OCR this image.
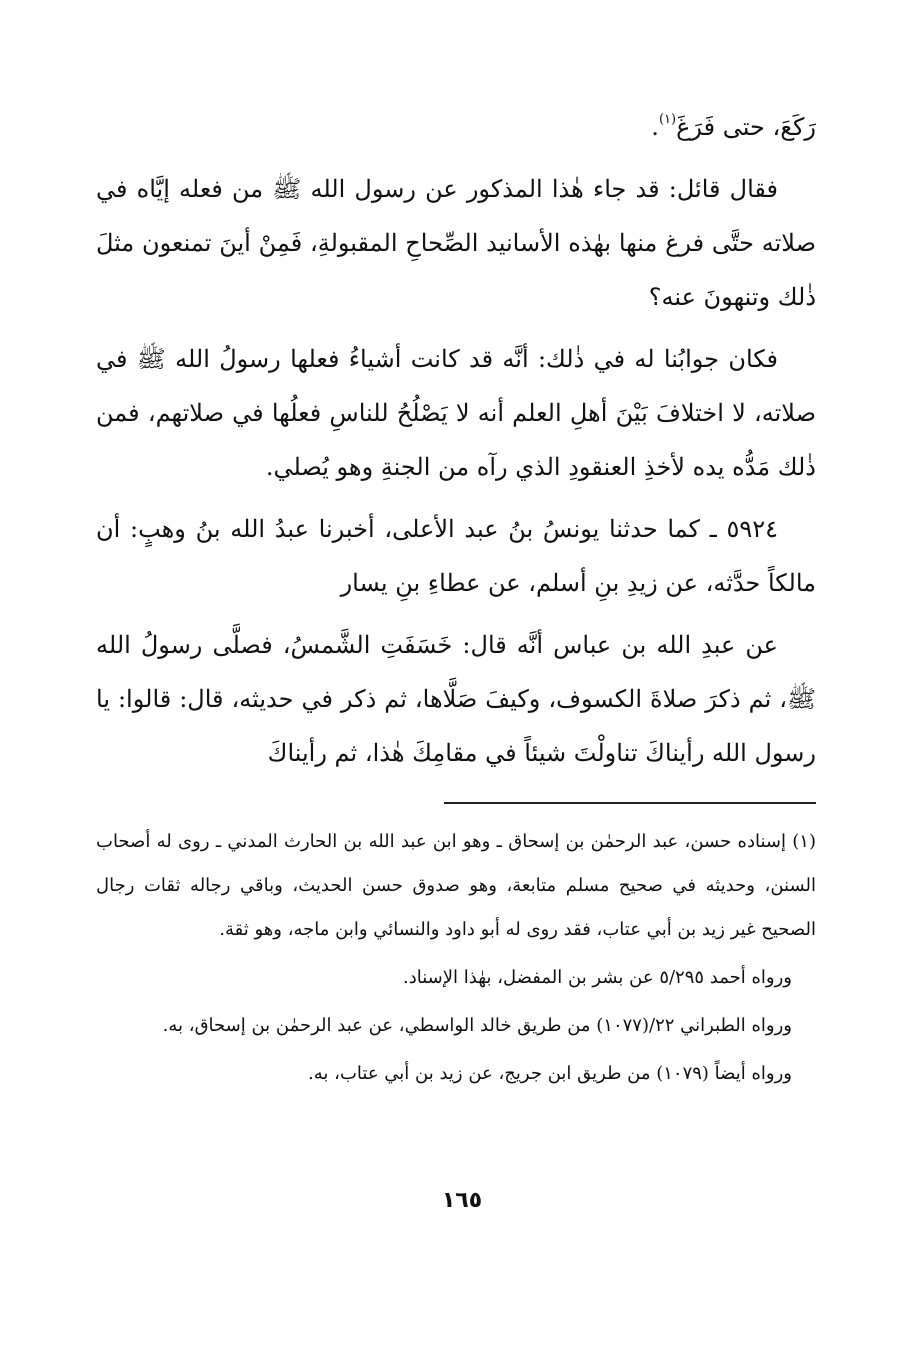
رَكَعَ، حتى فَرَغَ$^{(١)}$.

فقال قائل: قد جاء هٰذا المذكور عن رسول الله ﷺ من فعله إيَّاه في صلاته حتَّى فرغ منها بهٰذه الأسانيد الصِّحاحِ المقبولةِ، فَمِنْ أينَ تمنعون مثلَ ذٰلك وتنهونَ عنه؟

فكان جوابُنا له في ذٰلك: أنَّه قد كانت أشياءُ فعلها رسولُ الله ﷺ في صلاته، لا اختلافَ بَيْنَ أهلِ العلم أنه لا يَصْلُحُ للناسِ فعلُها في صلاتهم، فمن ذٰلك مَدُّه يده لأخذِ العنقودِ الذي رآه من الجنةِ وهو يُصلي.

٥٩٢٤ ـ كما حدثنا يونسُ بنُ عبد الأعلى، أخبرنا عبدُ الله بنُ وهبٍ: أن مالكاً حدَّثه، عن زيدِ بنِ أسلم، عن عطاءِ بنِ يسار

عن عبدِ الله بن عباس أنَّه قال: خَسَفَتِ الشَّمسُ، فصلَّى رسولُ الله ﷺ، ثم ذكرَ صلاةَ الكسوف، وكيفَ صَلَّاها، ثم ذكر في حديثه، قال: قالوا: يا رسول الله رأيناكَ تناولْتَ شيئاً في مقامِكَ هٰذا، ثم رأيناكَ

(١) إسناده حسن، عبد الرحمٰن بن إسحاق ـ وهو ابن عبد الله بن الحارث المدني ـ روى له أصحاب السنن، وحديثه في صحيح مسلم متابعة، وهو صدوق حسن الحديث، وباقي رجاله ثقات رجال الصحيح غير زيد بن أبي عتاب، فقد روى له أبو داود والنسائي وابن ماجه، وهو ثقة.

ورواه أحمد ٥/٢٩٥ عن بشر بن المفضل، بهٰذا الإسناد.

ورواه الطبراني ٢٢/(١٠٧٧) من طريق خالد الواسطي، عن عبد الرحمٰن بن إسحاق، به.

ورواه أيضاً (١٠٧٩) من طريق ابن جريج، عن زيد بن أبي عتاب، به.

١٦٥
